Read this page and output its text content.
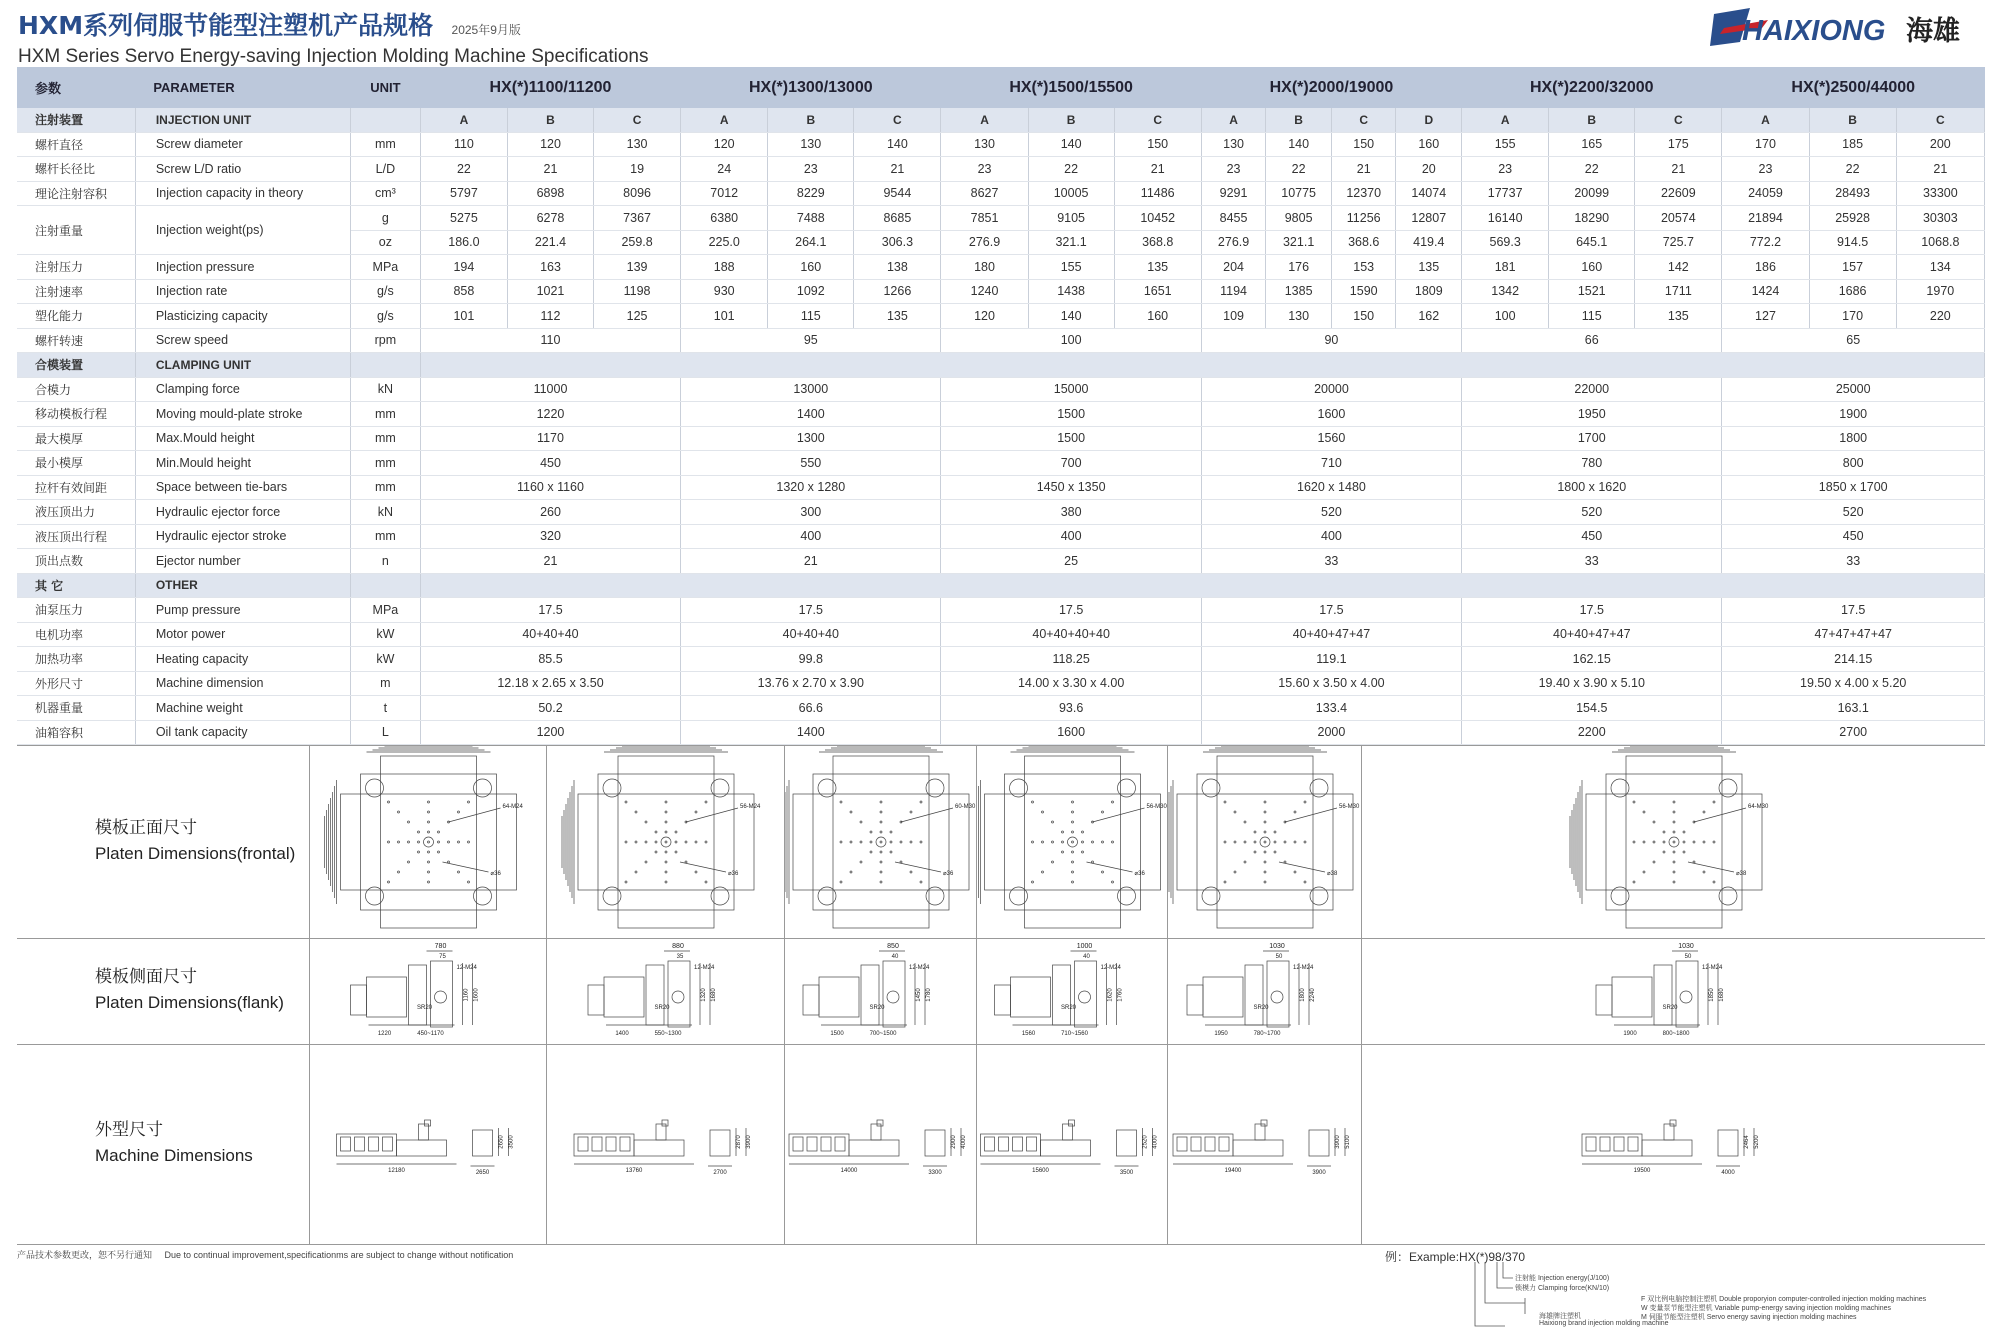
HXM系列伺服节能型注塑机产品规格 2025年9月版
HXM Series Servo Energy-saving Injection Molding Machine Specifications
HAIXIONG 海雄
参数	PARAMETER	UNIT	HX(*)1100/11200			HX(*)1300/13000			HX(*)1500/15500			HX(*)2000/19000				HX(*)2200/32000			HX(*)2500/44000		
注射装置	INJECTION UNIT		A	B	C	A	B	C	A	B	C	A	B	C	D	A	B	C	A	B	C
螺杆直径	Screw diameter	mm	110	120	130	120	130	140	130	140	150	130	140	150	160	155	165	175	170	185	200
螺杆长径比	Screw L/D ratio	L/D	22	21	19	24	23	21	23	22	21	23	22	21	20	23	22	21	23	22	21
理论注射容积	Injection capacity in theory	cm³	5797	6898	8096	7012	8229	9544	8627	10005	11486	9291	10775	12370	14074	17737	20099	22609	24059	28493	33300
注射重量	Injection weight(ps)	g	5275	6278	7367	6380	7488	8685	7851	9105	10452	8455	9805	11256	12807	16140	18290	20574	21894	25928	30303
		oz	186.0	221.4	259.8	225.0	264.1	306.3	276.9	321.1	368.8	276.9	321.1	368.6	419.4	569.3	645.1	725.7	772.2	914.5	1068.8
注射压力	Injection pressure	MPa	194	163	139	188	160	138	180	155	135	204	176	153	135	181	160	142	186	157	134
注射速率	Injection rate	g/s	858	1021	1198	930	1092	1266	1240	1438	1651	1194	1385	1590	1809	1342	1521	1711	1424	1686	1970
塑化能力	Plasticizing capacity	g/s	101	112	125	101	115	135	120	140	160	109	130	150	162	100	115	135	127	170	220
螺杆转速	Screw speed	rpm	110			95			100			90				66			65		
合模装置	CLAMPING UNIT																				
合模力	Clamping force	kN	11000			13000			15000			20000				22000			25000		
移动模板行程	Moving mould-plate stroke	mm	1220			1400			1500			1600				1950			1900		
最大模厚	Max.Mould height	mm	1170			1300			1500			1560				1700			1800		
最小模厚	Min.Mould height	mm	450			550			700			710				780			800		
拉杆有效间距	Space between tie-bars	mm	1160 x 1160			1320 x 1280			1450 x 1350			1620 x 1480				1800 x 1620			1850 x 1700		
液压顶出力	Hydraulic ejector force	kN	260			300			380			520				520			520		
液压顶出行程	Hydraulic ejector stroke	mm	320			400			400			400				450			450		
顶出点数	Ejector number	n	21			21			25			33				33			33		
其 它	OTHER																				
油泵压力	Pump pressure	MPa	17.5			17.5			17.5			17.5				17.5			17.5		
电机功率	Motor power	kW	40+40+40			40+40+40			40+40+40+40			40+40+47+47				40+40+47+47			47+47+47+47		
加热功率	Heating capacity	kW	85.5			99.8			118.25			119.1				162.15			214.15		
外形尺寸	Machine dimension	m	12.18 x 2.65 x 3.50			13.76 x 2.70 x 3.90			14.00 x 3.30 x 4.00			15.60 x 3.50 x 4.00				19.40 x 3.90 x 5.10			19.50 x 4.00 x 5.20		
机器重量	Machine weight	t	50.2			66.6			93.6			133.4				154.5			163.1		
油箱容积	Oil tank capacity	L	1200			1400			1600			2000				2200			2700		
模板正面尺寸
Platen Dimensions(frontal)
64-M24
⌀36
56-M24
⌀36
60-M30
⌀36
56-M30
⌀36
56-M30
⌀38
64-M30
⌀38
模板侧面尺寸
Platen Dimensions(flank)
780
75
12-M24
1160 1600
SR20
1220	450~1170
880
35
12-M24
1320 1680
SR20
1400	550~1300
850
40
12-M24
1450 1780
SR20
1500	700~1500
1000
40
12-M24
1620 1760
SR20
1560	710~1560
1030
50
12-M24
1800 2240
SR20
1950	780~1700
1030
50
12-M24
1850 1680
SR20
1900	800~1800
外型尺寸
Machine Dimensions
12180	2650
2650 3500
13760	2700
2870 3900
14000	3300
2900 4000
15600	3500
2520 4000
19400	3900
3900 5100
19500	4000
2464 5200
产品技术参数更改，恕不另行通知 Due to continual improvement,specificationms are subject to change without notification	例：Example:HX(*)98/370
注射能 Injection energy(J/100)
锁模力 Clamping force(KN/10)
F 双比例电脑控制注塑机 Double proporyion computer-controlled injection molding machines
W 变量泵节能型注塑机 Variable pump-energy saving injection molding machines
M 伺服节能型注塑机 Servo energy saving injection molding machines
海雄牌注塑机
Haixiong brand injection molding machine
